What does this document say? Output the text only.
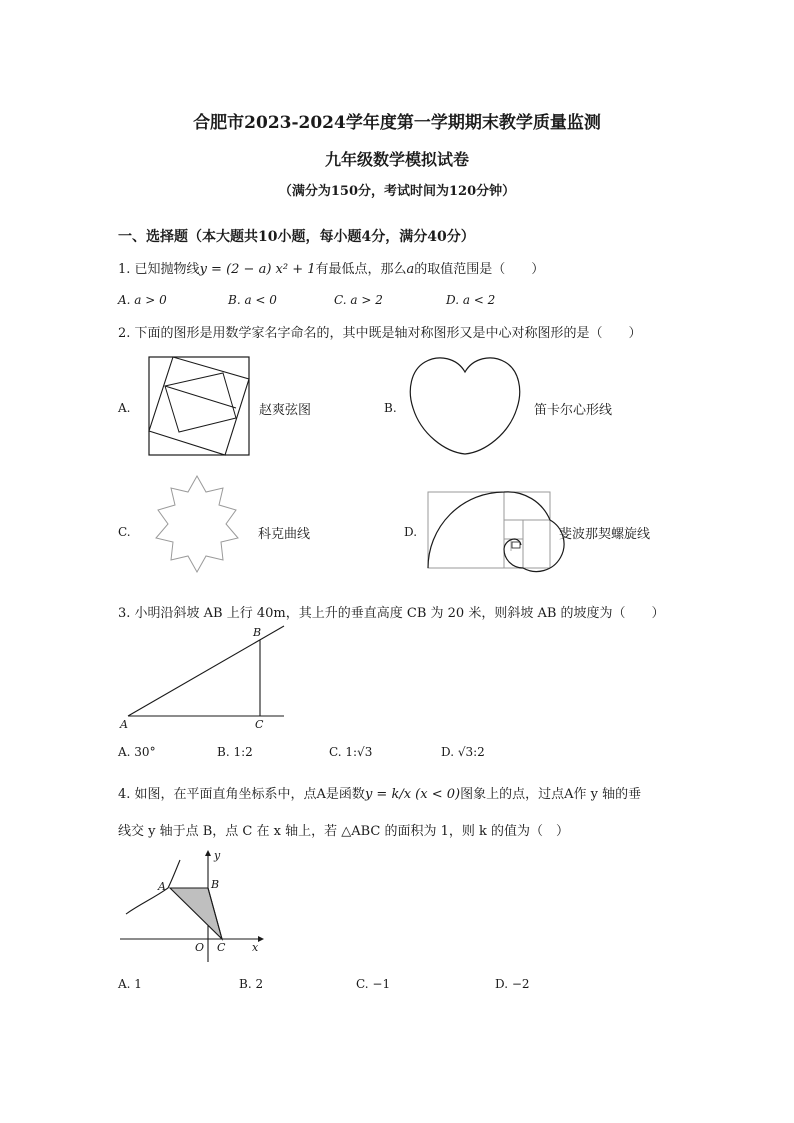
合肥市2023-2024学年度第一学期期末教学质量监测
九年级数学模拟试卷
（满分为150分，考试时间为120分钟）
一、选择题（本大题共10小题，每小题4分，满分40分）
1. 已知抛物线y = (2 − a) x² + 1有最低点，那么a的取值范围是（　　）
A. a > 0	B. a < 0	C. a > 2	D. a < 2
2. 下面的图形是用数学家名字命名的，其中既是轴对称图形又是中心对称图形的是（　　）
A.	赵爽弦图	B.	笛卡尔心形线
C.	科克曲线	D.	斐波那契螺旋线
3. 小明沿斜坡 AB 上行 40m，其上升的垂直高度 CB 为 20 米，则斜坡 AB 的坡度为（　　）
A
B
C
A. 30°	B. 1:2	C. 1:√3	D. √3:2
4. 如图，在平面直角坐标系中，点A是函数y = k/x (x < 0)图象上的点，过点A作 y 轴的垂
线交 y 轴于点 B，点 C 在 x 轴上，若 △ABC 的面积为 1，则 k 的值为（　）
y
x
A	B
O C
A. 1	B. 2	C. −1	D. −2
